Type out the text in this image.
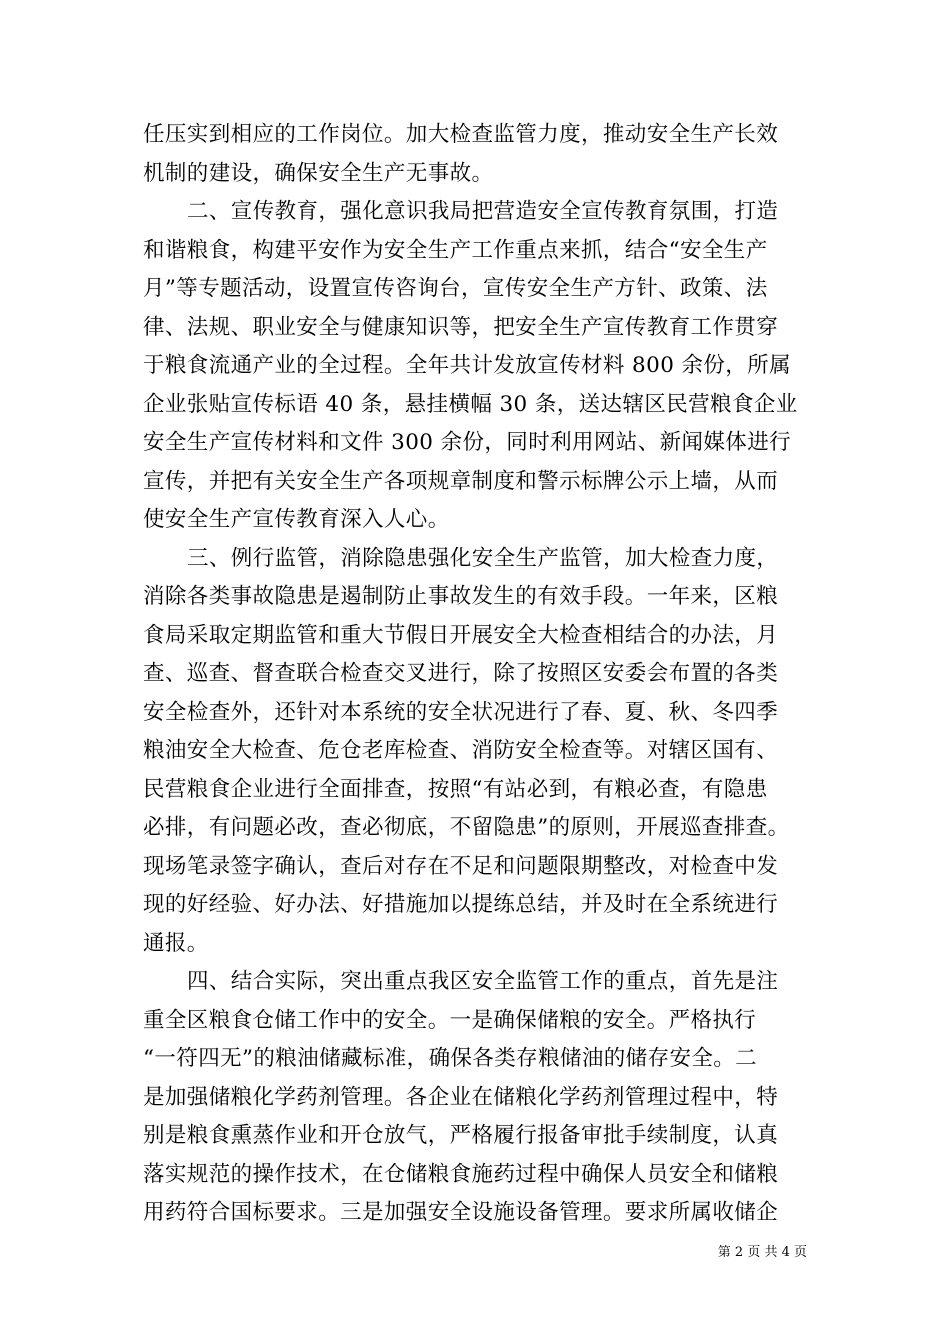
任压实到相应的工作岗位。加大检查监管力度，推动安全生产长效
机制的建设，确保安全生产无事故。
二、宣传教育，强化意识我局把营造安全宣传教育氛围，打造
和谐粮食，构建平安作为安全生产工作重点来抓，结合“安全生产
月”等专题活动，设置宣传咨询台，宣传安全生产方针、政策、法
律、法规、职业安全与健康知识等，把安全生产宣传教育工作贯穿
于粮食流通产业的全过程。全年共计发放宣传材料 800 余份，所属
企业张贴宣传标语 40 条，悬挂横幅 30 条，送达辖区民营粮食企业
安全生产宣传材料和文件 300 余份，同时利用网站、新闻媒体进行
宣传，并把有关安全生产各项规章制度和警示标牌公示上墙，从而
使安全生产宣传教育深入人心。
三、例行监管，消除隐患强化安全生产监管，加大检查力度，
消除各类事故隐患是遏制防止事故发生的有效手段。一年来，区粮
食局采取定期监管和重大节假日开展安全大检查相结合的办法，月
查、巡查、督查联合检查交叉进行，除了按照区安委会布置的各类
安全检查外，还针对本系统的安全状况进行了春、夏、秋、冬四季
粮油安全大检查、危仓老库检查、消防安全检查等。对辖区国有、
民营粮食企业进行全面排查，按照“有站必到，有粮必查，有隐患
必排，有问题必改，查必彻底，不留隐患”的原则，开展巡查排查。
现场笔录签字确认，查后对存在不足和问题限期整改，对检查中发
现的好经验、好办法、好措施加以提练总结，并及时在全系统进行
通报。
四、结合实际，突出重点我区安全监管工作的重点，首先是注
重全区粮食仓储工作中的安全。一是确保储粮的安全。严格执行
“一符四无”的粮油储藏标准，确保各类存粮储油的储存安全。二
是加强储粮化学药剂管理。各企业在储粮化学药剂管理过程中，特
别是粮食熏蒸作业和开仓放气，严格履行报备审批手续制度，认真
落实规范的操作技术，在仓储粮食施药过程中确保人员安全和储粮
用药符合国标要求。三是加强安全设施设备管理。要求所属收储企
第 2 页 共 4 页
